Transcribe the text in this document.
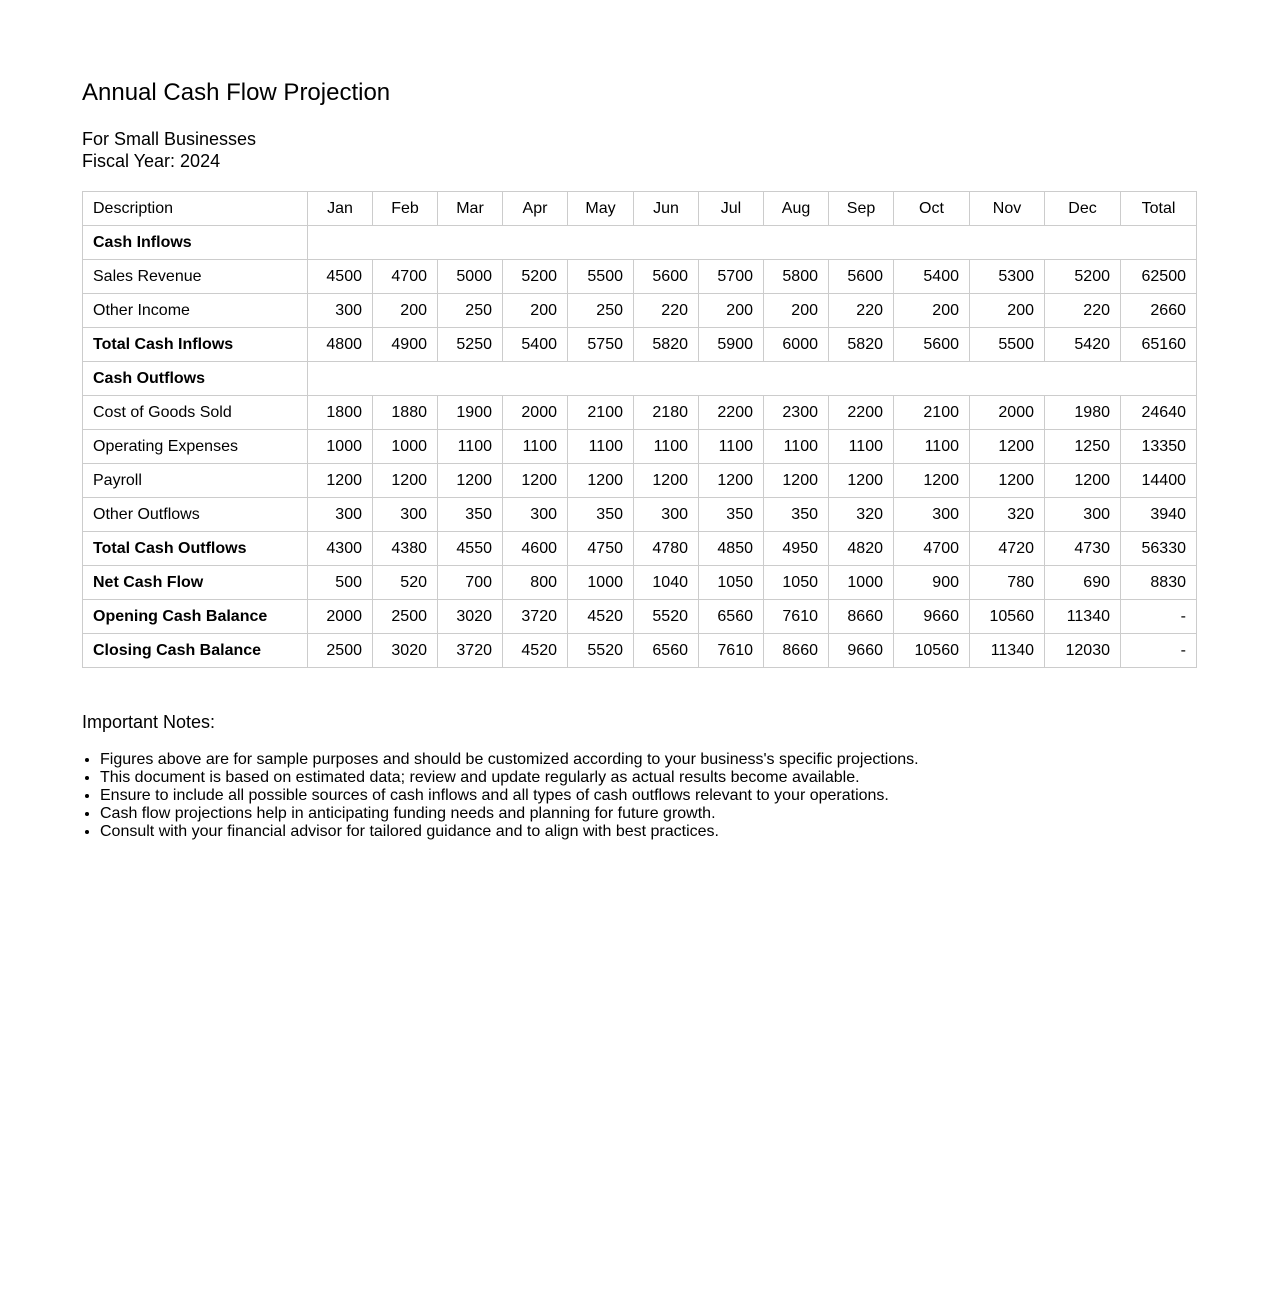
Annual Cash Flow Projection
For Small Businesses
Fiscal Year: 2024
Description	Jan	Feb	Mar	Apr	May	Jun	Jul	Aug	Sep	Oct	Nov	Dec	Total
Cash Inflows													
Sales Revenue	4500	4700	5000	5200	5500	5600	5700	5800	5600	5400	5300	5200	62500
Other Income	300	200	250	200	250	220	200	200	220	200	200	220	2660
Total Cash Inflows	4800	4900	5250	5400	5750	5820	5900	6000	5820	5600	5500	5420	65160
Cash Outflows													
Cost of Goods Sold	1800	1880	1900	2000	2100	2180	2200	2300	2200	2100	2000	1980	24640
Operating Expenses	1000	1000	1100	1100	1100	1100	1100	1100	1100	1100	1200	1250	13350
Payroll	1200	1200	1200	1200	1200	1200	1200	1200	1200	1200	1200	1200	14400
Other Outflows	300	300	350	300	350	300	350	350	320	300	320	300	3940
Total Cash Outflows	4300	4380	4550	4600	4750	4780	4850	4950	4820	4700	4720	4730	56330
Net Cash Flow	500	520	700	800	1000	1040	1050	1050	1000	900	780	690	8830
Opening Cash Balance	2000	2500	3020	3720	4520	5520	6560	7610	8660	9660	10560	11340	-
Closing Cash Balance	2500	3020	3720	4520	5520	6560	7610	8660	9660	10560	11340	12030	-
Important Notes:
• Figures above are for sample purposes and should be customized according to your business's specific projections.
• This document is based on estimated data; review and update regularly as actual results become available.
• Ensure to include all possible sources of cash inflows and all types of cash outflows relevant to your operations.
• Cash flow projections help in anticipating funding needs and planning for future growth.
• Consult with your financial advisor for tailored guidance and to align with best practices.
